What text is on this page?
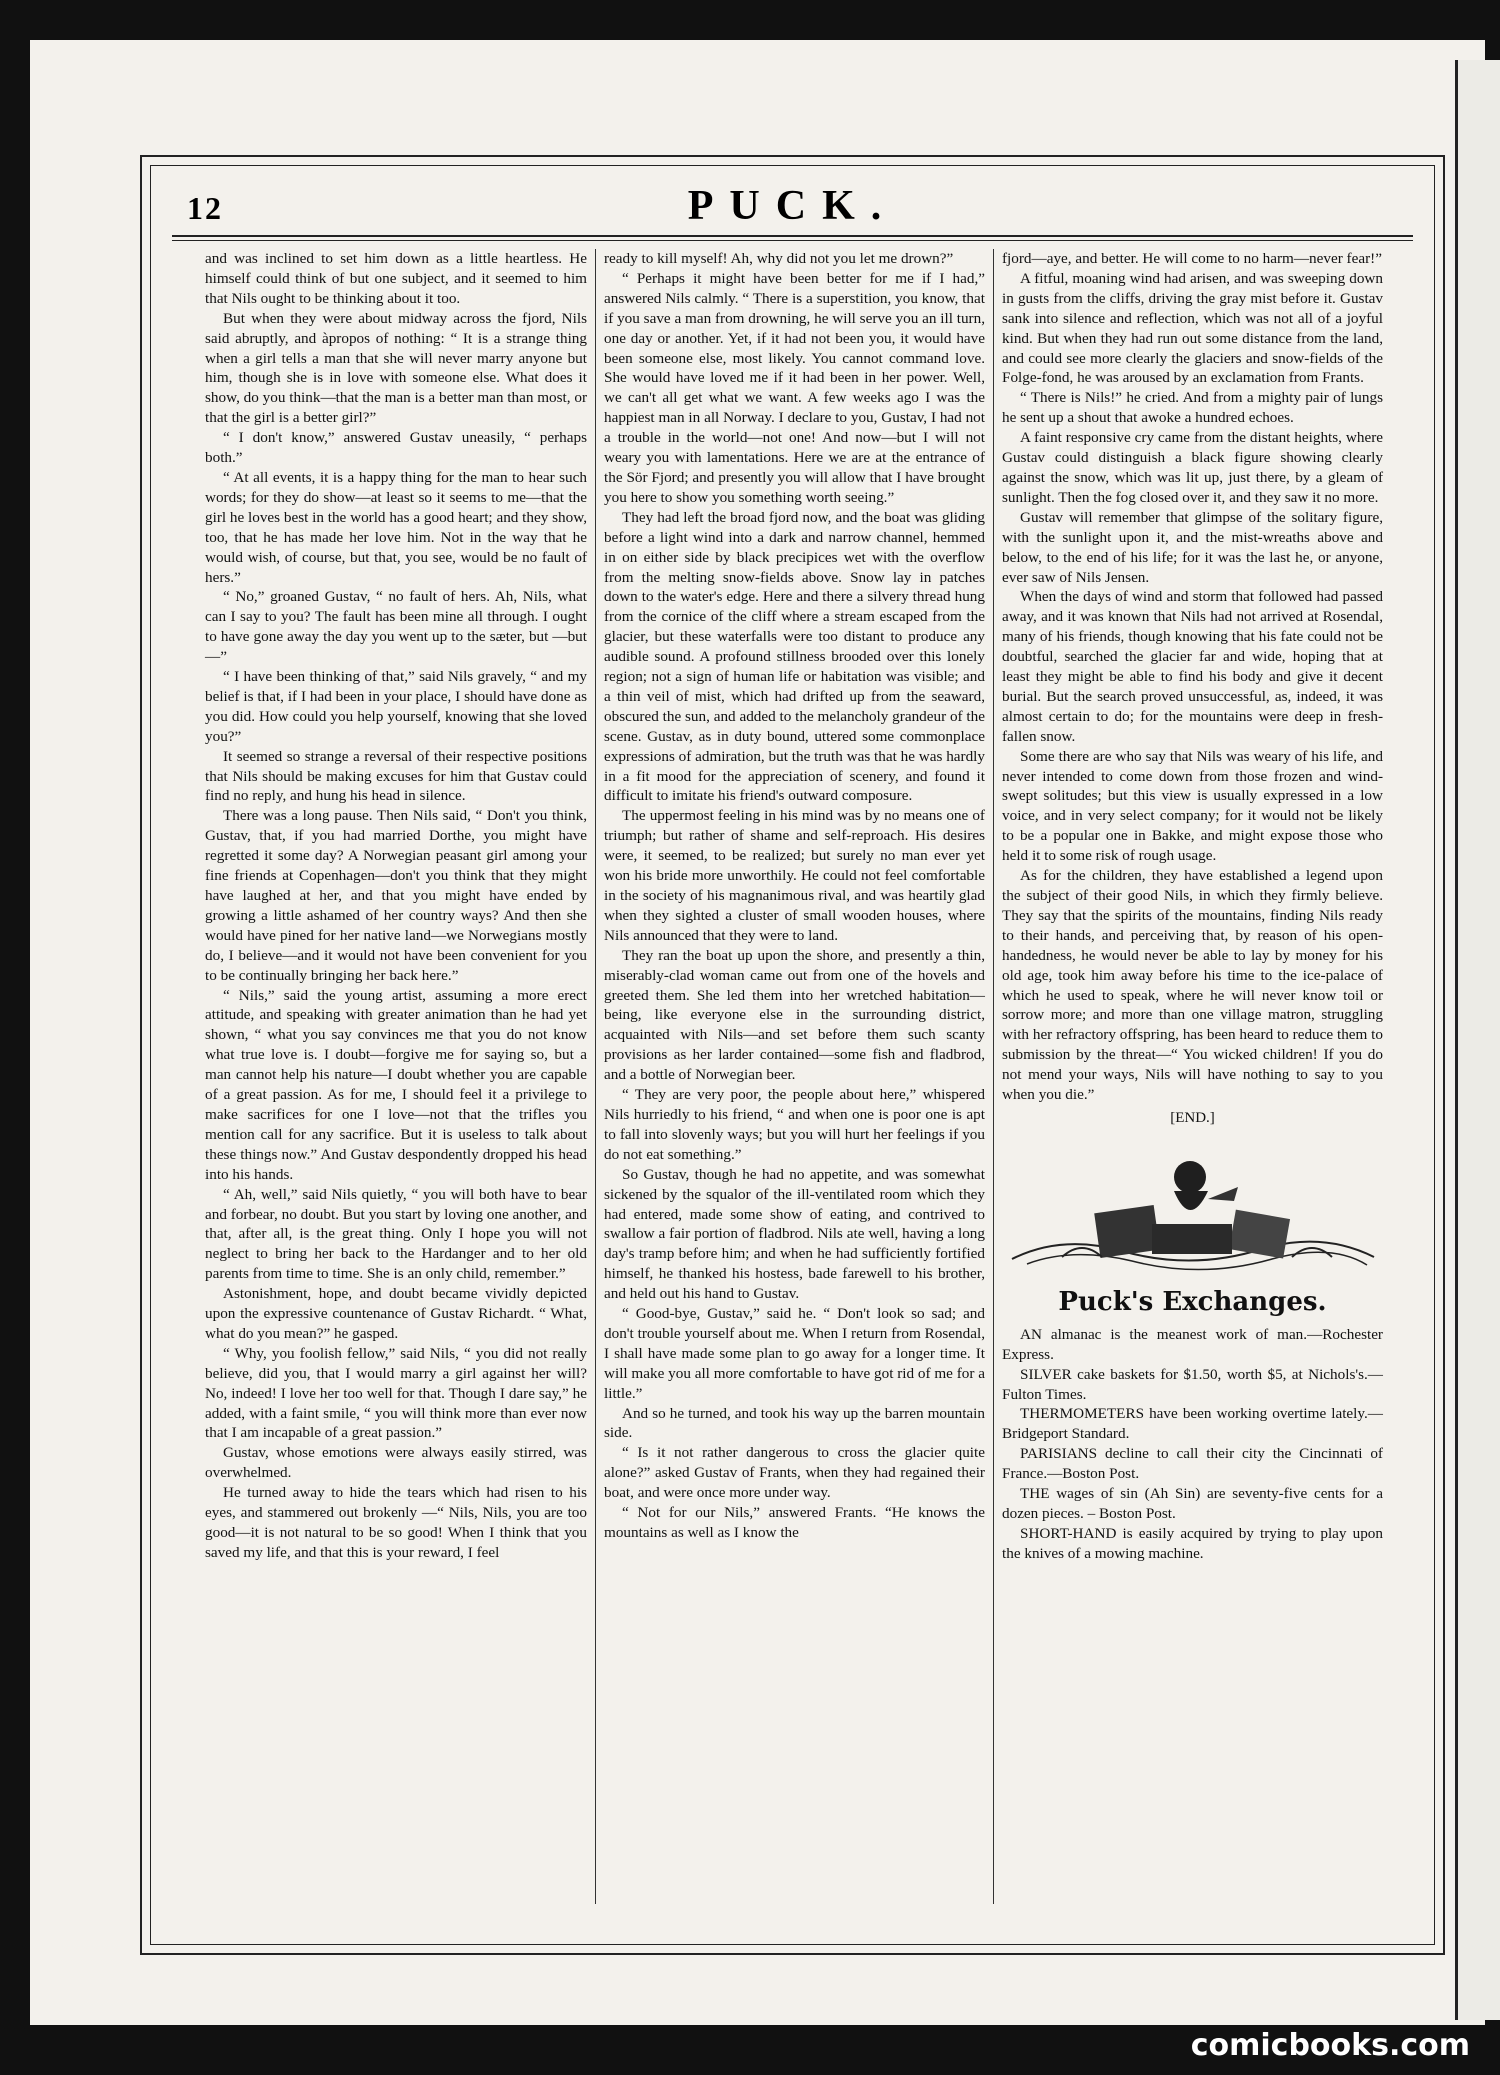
12	PUCK.

and was inclined to set him down as a little heartless. He himself could think of but one subject, and it seemed to him that Nils ought to be thinking about it too.

But when they were about midway across the fjord, Nils said abruptly, and àpropos of nothing: “ It is a strange thing when a girl tells a man that she will never marry anyone but him, though she is in love with someone else. What does it show, do you think—that the man is a better man than most, or that the girl is a better girl?”

“ I don't know,” answered Gustav uneasily, “ perhaps both.”

“ At all events, it is a happy thing for the man to hear such words; for they do show—at least so it seems to me—that the girl he loves best in the world has a good heart; and they show, too, that he has made her love him. Not in the way that he would wish, of course, but that, you see, would be no fault of hers.”

“ No,” groaned Gustav, “ no fault of hers. Ah, Nils, what can I say to you? The fault has been mine all through. I ought to have gone away the day you went up to the sæter, but —but—”

“ I have been thinking of that,” said Nils gravely, “ and my belief is that, if I had been in your place, I should have done as you did. How could you help yourself, knowing that she loved you?”

It seemed so strange a reversal of their respective positions that Nils should be making excuses for him that Gustav could find no reply, and hung his head in silence.

There was a long pause. Then Nils said, “ Don't you think, Gustav, that, if you had married Dorthe, you might have regretted it some day? A Norwegian peasant girl among your fine friends at Copenhagen—don't you think that they might have laughed at her, and that you might have ended by growing a little ashamed of her country ways? And then she would have pined for her native land—we Norwegians mostly do, I believe—and it would not have been convenient for you to be continually bringing her back here.”

“ Nils,” said the young artist, assuming a more erect attitude, and speaking with greater animation than he had yet shown, “ what you say convinces me that you do not know what true love is. I doubt—forgive me for saying so, but a man cannot help his nature—I doubt whether you are capable of a great passion. As for me, I should feel it a privilege to make sacrifices for one I love—not that the trifles you mention call for any sacrifice. But it is useless to talk about these things now.” And Gustav despondently dropped his head into his hands.

“ Ah, well,” said Nils quietly, “ you will both have to bear and forbear, no doubt. But you start by loving one another, and that, after all, is the great thing. Only I hope you will not neglect to bring her back to the Hardanger and to her old parents from time to time. She is an only child, remember.”

Astonishment, hope, and doubt became vividly depicted upon the expressive countenance of Gustav Richardt. “ What, what do you mean?” he gasped.

“ Why, you foolish fellow,” said Nils, “ you did not really believe, did you, that I would marry a girl against her will? No, indeed! I love her too well for that. Though I dare say,” he added, with a faint smile, “ you will think more than ever now that I am incapable of a great passion.”

Gustav, whose emotions were always easily stirred, was overwhelmed.

He turned away to hide the tears which had risen to his eyes, and stammered out brokenly —“ Nils, Nils, you are too good—it is not natural to be so good! When I think that you saved my life, and that this is your reward, I feel

ready to kill myself! Ah, why did not you let me drown?”

“ Perhaps it might have been better for me if I had,” answered Nils calmly. “ There is a superstition, you know, that if you save a man from drowning, he will serve you an ill turn, one day or another. Yet, if it had not been you, it would have been someone else, most likely. You cannot command love. She would have loved me if it had been in her power. Well, we can't all get what we want. A few weeks ago I was the happiest man in all Norway. I declare to you, Gustav, I had not a trouble in the world—not one! And now—but I will not weary you with lamentations. Here we are at the entrance of the Sör Fjord; and presently you will allow that I have brought you here to show you something worth seeing.”

They had left the broad fjord now, and the boat was gliding before a light wind into a dark and narrow channel, hemmed in on either side by black precipices wet with the overflow from the melting snow-fields above. Snow lay in patches down to the water's edge. Here and there a silvery thread hung from the cornice of the cliff where a stream escaped from the glacier, but these waterfalls were too distant to produce any audible sound. A profound stillness brooded over this lonely region; not a sign of human life or habitation was visible; and a thin veil of mist, which had drifted up from the seaward, obscured the sun, and added to the melancholy grandeur of the scene. Gustav, as in duty bound, uttered some commonplace expressions of admiration, but the truth was that he was hardly in a fit mood for the appreciation of scenery, and found it difficult to imitate his friend's outward composure.

The uppermost feeling in his mind was by no means one of triumph; but rather of shame and self-reproach. His desires were, it seemed, to be realized; but surely no man ever yet won his bride more unworthily. He could not feel comfortable in the society of his magnanimous rival, and was heartily glad when they sighted a cluster of small wooden houses, where Nils announced that they were to land.

They ran the boat up upon the shore, and presently a thin, miserably-clad woman came out from one of the hovels and greeted them. She led them into her wretched habitation—being, like everyone else in the surrounding district, acquainted with Nils—and set before them such scanty provisions as her larder contained—some fish and fladbrod, and a bottle of Norwegian beer.

“ They are very poor, the people about here,” whispered Nils hurriedly to his friend, “ and when one is poor one is apt to fall into slovenly ways; but you will hurt her feelings if you do not eat something.”

So Gustav, though he had no appetite, and was somewhat sickened by the squalor of the ill-ventilated room which they had entered, made some show of eating, and contrived to swallow a fair portion of fladbrod. Nils ate well, having a long day's tramp before him; and when he had sufficiently fortified himself, he thanked his hostess, bade farewell to his brother, and held out his hand to Gustav.

“ Good-bye, Gustav,” said he. “ Don't look so sad; and don't trouble yourself about me. When I return from Rosendal, I shall have made some plan to go away for a longer time. It will make you all more comfortable to have got rid of me for a little.”

And so he turned, and took his way up the barren mountain side.

“ Is it not rather dangerous to cross the glacier quite alone?” asked Gustav of Frants, when they had regained their boat, and were once more under way.

“ Not for our Nils,” answered Frants. “He knows the mountains as well as I know the

fjord—aye, and better. He will come to no harm—never fear!”

A fitful, moaning wind had arisen, and was sweeping down in gusts from the cliffs, driving the gray mist before it. Gustav sank into silence and reflection, which was not all of a joyful kind. But when they had run out some distance from the land, and could see more clearly the glaciers and snow-fields of the Folge-fond, he was aroused by an exclamation from Frants.

“ There is Nils!” he cried. And from a mighty pair of lungs he sent up a shout that awoke a hundred echoes.

A faint responsive cry came from the distant heights, where Gustav could distinguish a black figure showing clearly against the snow, which was lit up, just there, by a gleam of sunlight. Then the fog closed over it, and they saw it no more.

Gustav will remember that glimpse of the solitary figure, with the sunlight upon it, and the mist-wreaths above and below, to the end of his life; for it was the last he, or anyone, ever saw of Nils Jensen.

When the days of wind and storm that followed had passed away, and it was known that Nils had not arrived at Rosendal, many of his friends, though knowing that his fate could not be doubtful, searched the glacier far and wide, hoping that at least they might be able to find his body and give it decent burial. But the search proved unsuccessful, as, indeed, it was almost certain to do; for the mountains were deep in fresh-fallen snow.

Some there are who say that Nils was weary of his life, and never intended to come down from those frozen and wind-swept solitudes; but this view is usually expressed in a low voice, and in very select company; for it would not be likely to be a popular one in Bakke, and might expose those who held it to some risk of rough usage.

As for the children, they have established a legend upon the subject of their good Nils, in which they firmly believe. They say that the spirits of the mountains, finding Nils ready to their hands, and perceiving that, by reason of his open-handedness, he would never be able to lay by money for his old age, took him away before his time to the ice-palace of which he used to speak, where he will never know toil or sorrow more; and more than one village matron, struggling with her refractory offspring, has been heard to reduce them to submission by the threat—“ You wicked children! If you do not mend your ways, Nils will have nothing to say to you when you die.”

[END.]
Puck's Exchanges.

AN almanac is the meanest work of man.—Rochester Express.

SILVER cake baskets for $1.50, worth $5, at Nichols's.—Fulton Times.

THERMOMETERS have been working overtime lately.—Bridgeport Standard.

PARISIANS decline to call their city the Cincinnati of France.—Boston Post.

THE wages of sin (Ah Sin) are seventy-five cents for a dozen pieces. – Boston Post.

SHORT-HAND is easily acquired by trying to play upon the knives of a mowing machine.

comicbooks.com
